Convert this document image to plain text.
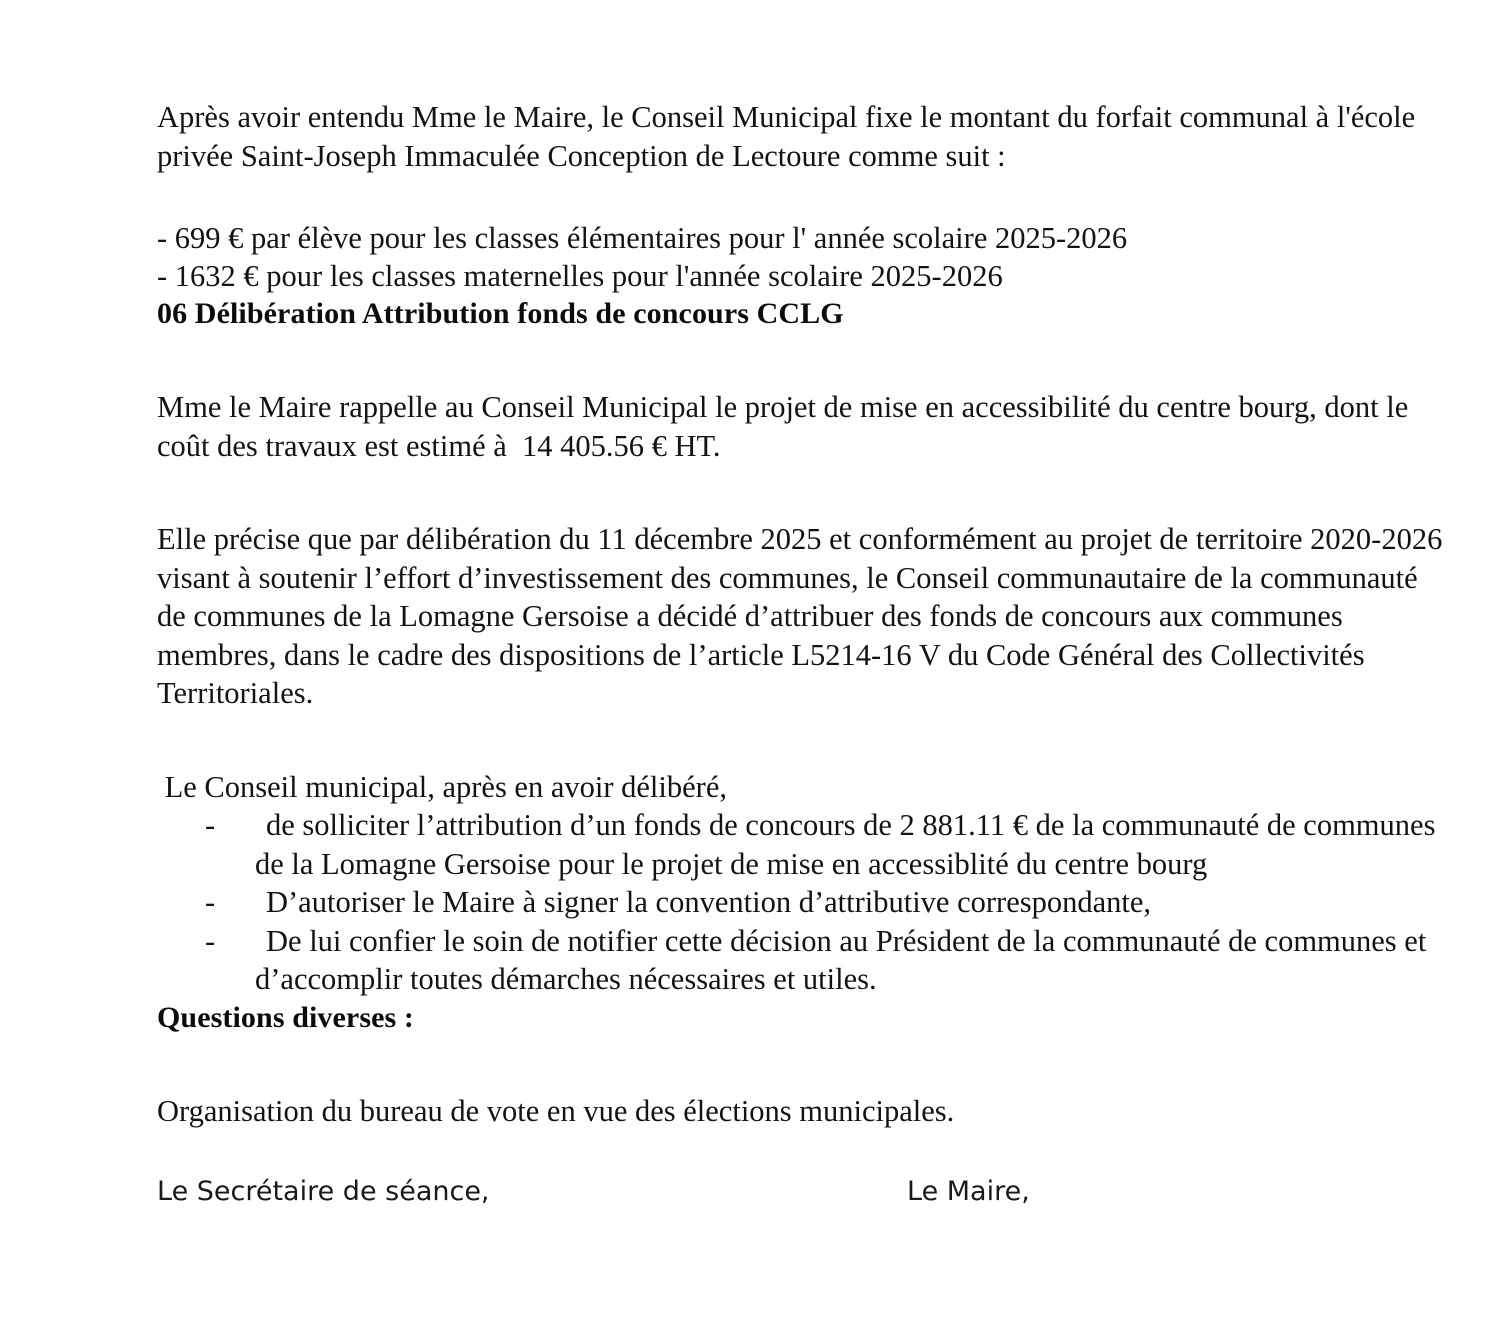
Après avoir entendu Mme le Maire, le Conseil Municipal fixe le montant du forfait communal à l'école privée Saint-Joseph Immaculée Conception de Lectoure comme suit :

- 699 € par élève pour les classes élémentaires pour l' année scolaire 2025-2026

- 1632 € pour les classes maternelles pour l'année scolaire 2025-2026

06 Délibération Attribution fonds de concours CCLG

Mme le Maire rappelle au Conseil Municipal le projet de mise en accessibilité du centre bourg, dont le coût des travaux est estimé à  14 405.56 € HT.

Elle précise que par délibération du 11 décembre 2025 et conformément au projet de territoire 2020-2026 visant à soutenir l’effort d’investissement des communes, le Conseil communautaire de la communauté de communes de la Lomagne Gersoise a décidé d’attribuer des fonds de concours aux communes membres, dans le cadre des dispositions de l’article L5214-16 V du Code Général des Collectivités Territoriales.

Le Conseil municipal, après en avoir délibéré,

- de solliciter l’attribution d’un fonds de concours de 2 881.11 € de la communauté de communes de la Lomagne Gersoise pour le projet de mise en accessiblité du centre bourg
- D’autoriser le Maire à signer la convention d’attributive correspondante,
- De lui confier le soin de notifier cette décision au Président de la communauté de communes et d’accomplir toutes démarches nécessaires et utiles.
Questions diverses :

Organisation du bureau de vote en vue des élections municipales.

Le Secrétaire de séance,	Le Maire,
